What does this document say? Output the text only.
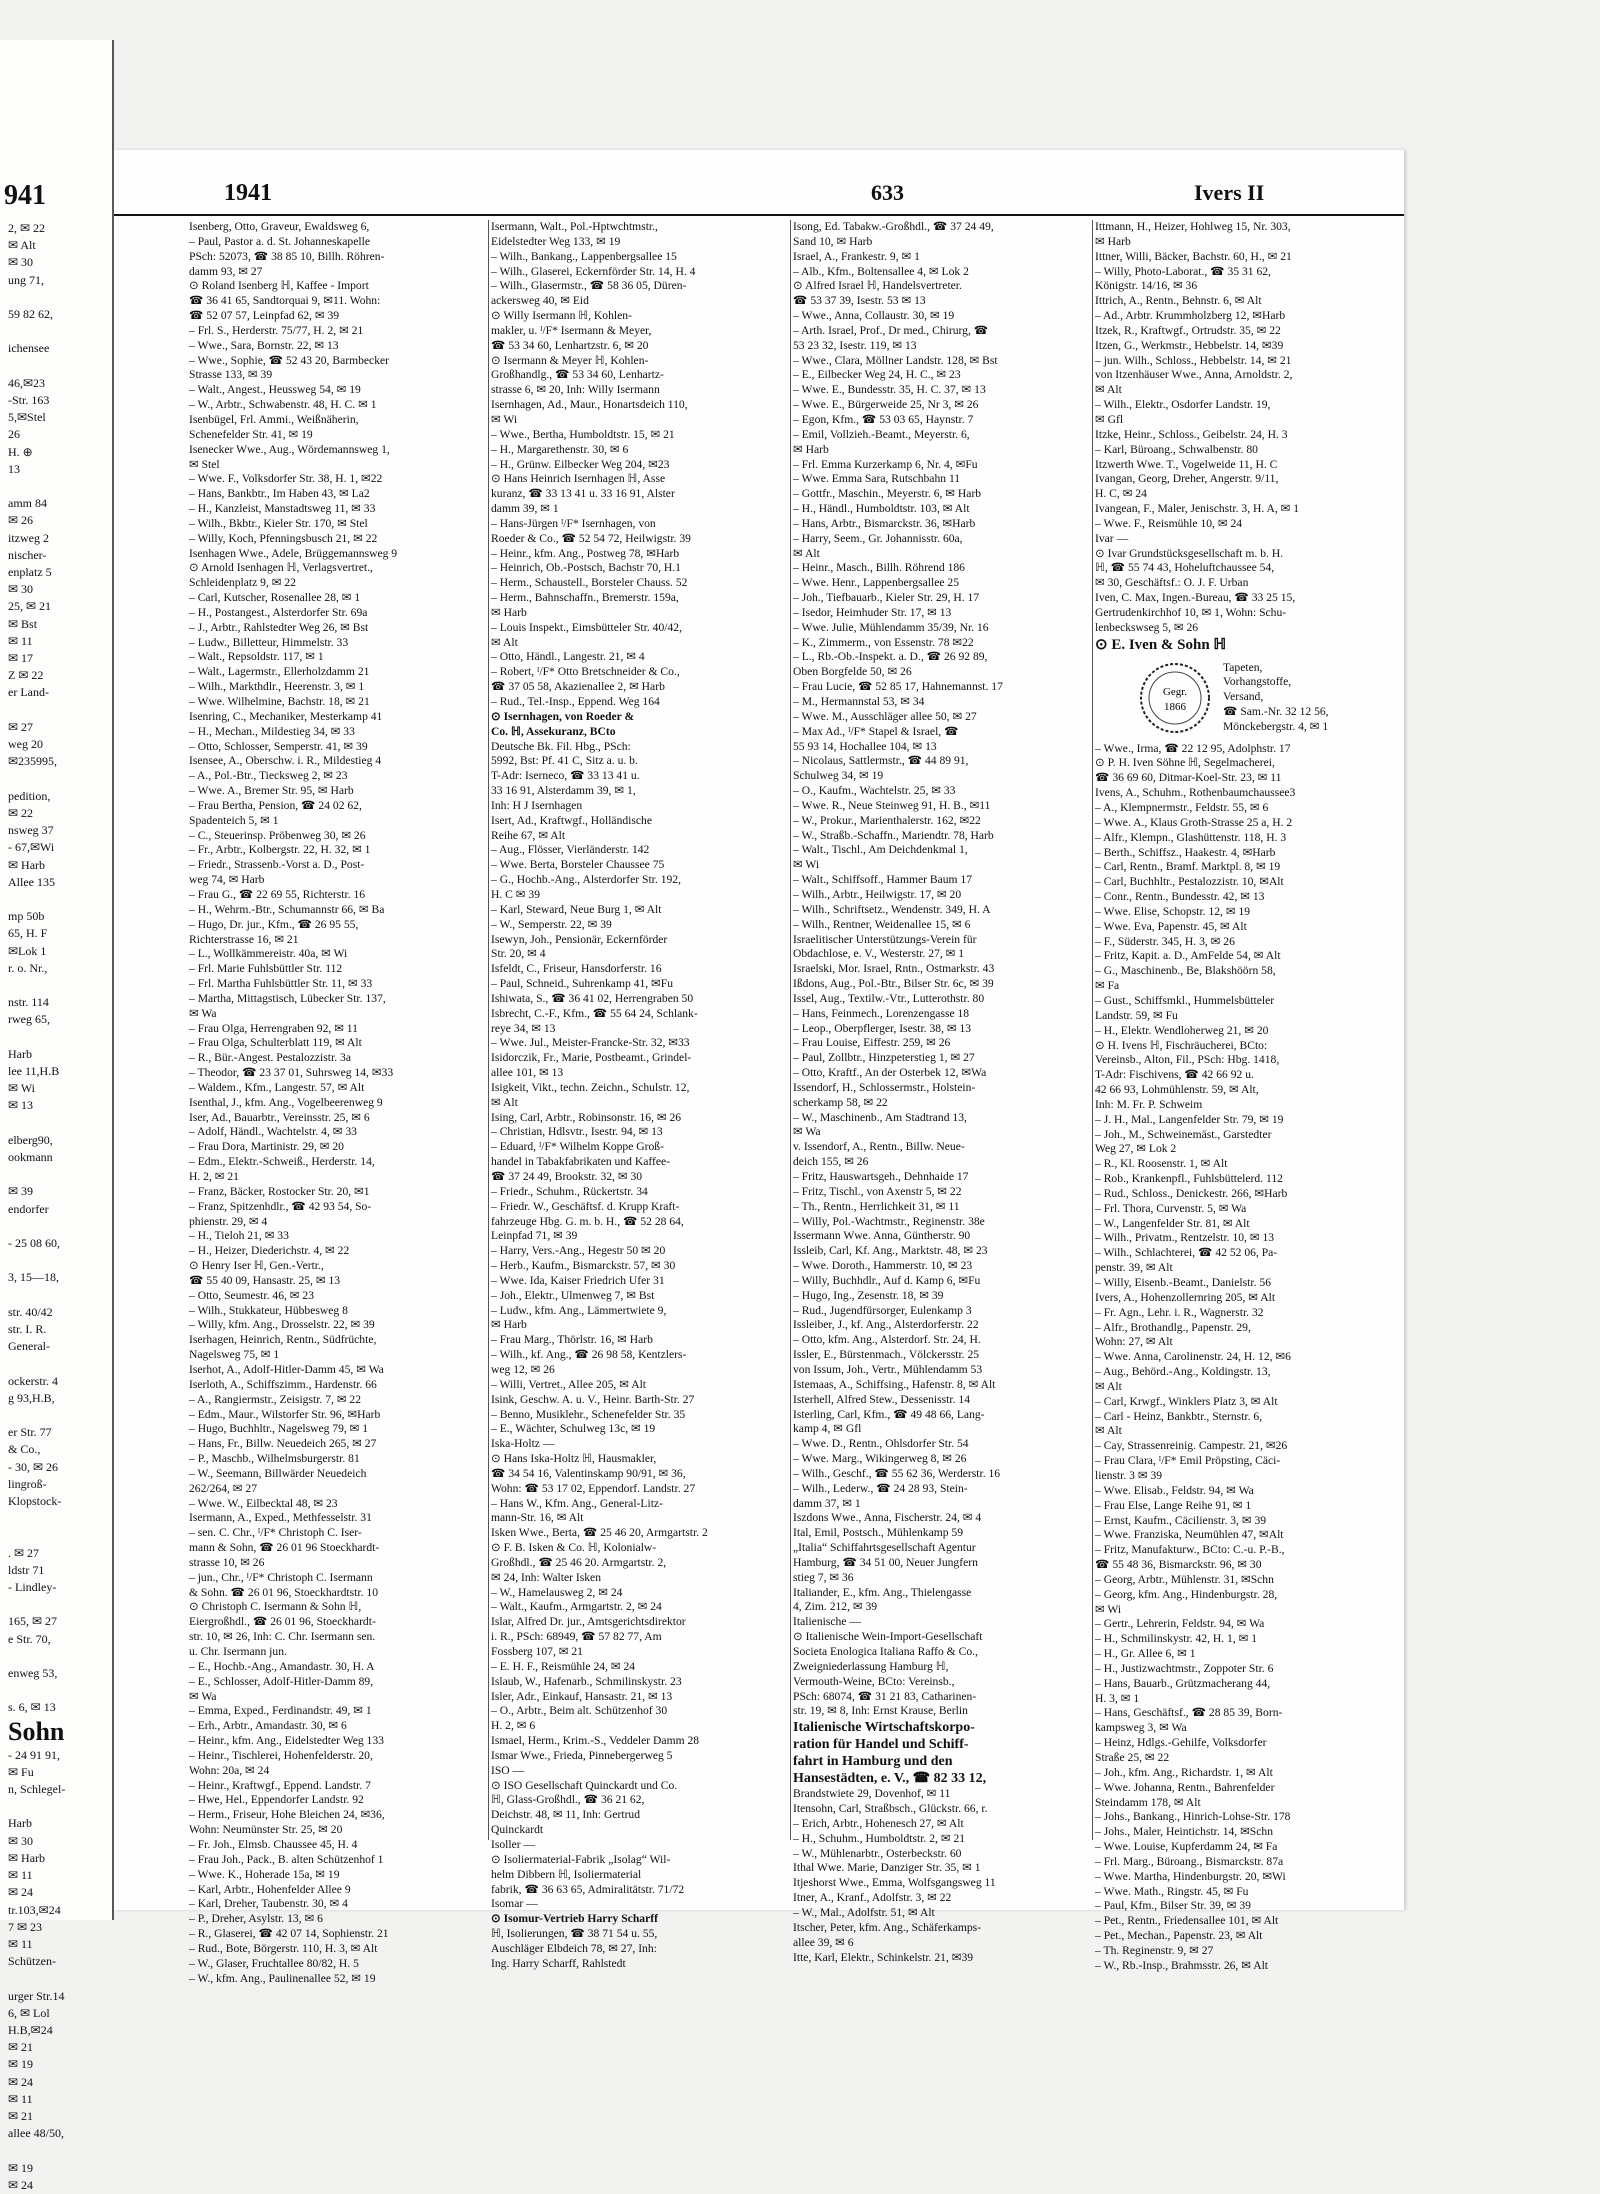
941
2, ✉ 22
✉ Alt
✉ 30
ung 71,

59 82 62,

ichensee

46,✉23
-Str. 163
5,✉Stel
26
H. ⊕
13

amm 84
✉ 26
itzweg 2
nischer-
enplatz 5
✉ 30
25, ✉ 21
✉ Bst
✉ 11
✉ 17
Z ✉ 22
er Land-

✉ 27
weg 20
✉235995,

pedition,
✉ 22
nsweg 37
- 67,✉Wi
✉ Harb
Allee 135

mp 50b
65, H. F
✉Lok 1
r. o. Nr.,

nstr. 114
rweg 65,

Harb
lee 11,H.B
✉ Wi
✉ 13

elberg90,
ookmann

✉ 39
endorfer

- 25 08 60,

3, 15—18,

str. 40/42
str. I. R.
General-

ockerstr. 4
g 93,H.B,

er Str. 77
& Co.,
- 30, ✉ 26
lingroß-
Klopstock-

. ✉ 27
ldstr 71
- Lindley-

165, ✉ 27
e Str. 70,

enweg 53,

s. 6, ✉ 13
Sohn
- 24 91 91,
✉ Fu
n, Schlegel-

Harb
✉ 30
✉ Harb
✉ 11
✉ 24
tr.103,✉24
7 ✉ 23
✉ 11
Schützen-

urger Str.14
6, ✉ Lol
H.B,✉24
✉ 21
✉ 19
✉ 24
✉ 11
✉ 21
allee 48/50,

✉ 19
✉ 24
1941	633	Ivers II
Isenberg, Otto, Graveur, Ewaldsweg 6,
– Paul, Pastor a. d. St. Johanneskapelle
PSch: 52073, ☎ 38 85 10, Billh. Röhren-
damm 93, ✉ 27
⊙ Roland Isenberg ℍ, Kaffee - Import
☎ 36 41 65, Sandtorquai 9, ✉11. Wohn:
☎ 52 07 57, Leinpfad 62, ✉ 39
– Frl. S., Herderstr. 75/77, H. 2, ✉ 21
– Wwe., Sara, Bornstr. 22, ✉ 13
– Wwe., Sophie, ☎ 52 43 20, Barmbecker
Strasse 133, ✉ 39
– Walt., Angest., Heussweg 54, ✉ 19
– W., Arbtr., Schwabenstr. 48, H. C. ✉ 1
Isenbügel, Frl. Ammi., Weißnäherin,
Schenefelder Str. 41, ✉ 19
Isenecker Wwe., Aug., Wördemannsweg 1,
✉ Stel
– Wwe. F., Volksdorfer Str. 38, H. 1, ✉22
– Hans, Bankbtr., Im Haben 43, ✉ La2
– H., Kanzleist, Manstadtsweg 11, ✉ 33
– Wilh., Bkbtr., Kieler Str. 170, ✉ Stel
– Willy, Koch, Pfenningsbusch 21, ✉ 22
Isenhagen Wwe., Adele, Brüggemannsweg 9
⊙ Arnold Isenhagen ℍ, Verlagsvertret.,
Schleidenplatz 9, ✉ 22
– Carl, Kutscher, Rosenallee 28, ✉ 1
– H., Postangest., Alsterdorfer Str. 69a
– J., Arbtr., Rahlstedter Weg 26, ✉ Bst
– Ludw., Billetteur, Himmelstr. 33
– Walt., Repsoldstr. 117, ✉ 1
– Walt., Lagermstr., Ellerholzdamm 21
– Wilh., Markthdlr., Heerenstr. 3, ✉ 1
– Wwe. Wilhelmine, Bachstr. 18, ✉ 21
Isenring, C., Mechaniker, Mesterkamp 41
– H., Mechan., Mildestieg 34, ✉ 33
– Otto, Schlosser, Semperstr. 41, ✉ 39
Isensee, A., Oberschw. i. R., Mildestieg 4
– A., Pol.-Btr., Tiecksweg 2, ✉ 23
– Wwe. A., Bremer Str. 95, ✉ Harb
– Frau Bertha, Pension, ☎ 24 02 62,
Spadenteich 5, ✉ 1
– C., Steuerinsp. Pröbenweg 30, ✉ 26
– Fr., Arbtr., Kolbergstr. 22, H. 32, ✉ 1
– Friedr., Strassenb.-Vorst a. D., Post-
weg 74, ✉ Harb
– Frau G., ☎ 22 69 55, Richterstr. 16
– H., Wehrm.-Btr., Schumannstr 66, ✉ Ba
– Hugo, Dr. jur., Kfm., ☎ 26 95 55,
Richterstrasse 16, ✉ 21
– L., Wollkämmereistr. 40a, ✉ Wi
– Frl. Marie Fuhlsbüttler Str. 112
– Frl. Martha Fuhlsbüttler Str. 11, ✉ 33
– Martha, Mittagstisch, Lübecker Str. 137,
✉ Wa
– Frau Olga, Herrengraben 92, ✉ 11
– Frau Olga, Schulterblatt 119, ✉ Alt
– R., Bür.-Angest. Pestalozzistr. 3a
– Theodor, ☎ 23 37 01, Suhrsweg 14, ✉33
– Waldem., Kfm., Langestr. 57, ✉ Alt
Isenthal, J., kfm. Ang., Vogelbeerenweg 9
Iser, Ad., Bauarbtr., Vereinsstr. 25, ✉ 6
– Adolf, Händl., Wachtelstr. 4, ✉ 33
– Frau Dora, Martinistr. 29, ✉ 20
– Edm., Elektr.-Schweiß., Herderstr. 14,
H. 2, ✉ 21
– Franz, Bäcker, Rostocker Str. 20, ✉1
– Franz, Spitzenhdlr., ☎ 42 93 54, So-
phienstr. 29, ✉ 4
– H., Tieloh 21, ✉ 33
– H., Heizer, Diederichstr. 4, ✉ 22
⊙ Henry Iser ℍ, Gen.-Vertr.,
☎ 55 40 09, Hansastr. 25, ✉ 13
– Otto, Seumestr. 46, ✉ 23
– Wilh., Stukkateur, Hübbesweg 8
– Willy, kfm. Ang., Drosselstr. 22, ✉ 39
Iserhagen, Heinrich, Rentn., Südfrüchte,
Nagelsweg 75, ✉ 1
Iserhot, A., Adolf-Hitler-Damm 45, ✉ Wa
Iserloth, A., Schiffszimm., Hardenstr. 66
– A., Rangiermstr., Zeisigstr. 7, ✉ 22
– Edm., Maur., Wilstorfer Str. 96, ✉Harb
– Hugo, Buchhltr., Nagelsweg 79, ✉ 1
– Hans, Fr., Billw. Neuedeich 265, ✉ 27
– P., Maschb., Wilhelmsburgerstr. 81
– W., Seemann, Billwärder Neuedeich
262/264, ✉ 27
– Wwe. W., Eilbecktal 48, ✉ 23
Isermann, A., Exped., Methfesselstr. 31
– sen. C. Chr., ᴵ/F* Christoph C. Iser-
mann & Sohn, ☎ 26 01 96 Stoeckhardt-
strasse 10, ✉ 26
– jun., Chr., ᴵ/F* Christoph C. Isermann
& Sohn. ☎ 26 01 96, Stoeckhardtstr. 10
⊙ Christoph C. Isermann & Sohn ℍ,
Eiergroßhdl., ☎ 26 01 96, Stoeckhardt-
str. 10, ✉ 26, Inh: C. Chr. Isermann sen.
u. Chr. Isermann jun.
– E., Hochb.-Ang., Amandastr. 30, H. A
– E., Schlosser, Adolf-Hitler-Damm 89,
✉ Wa
– Emma, Exped., Ferdinandstr. 49, ✉ 1
– Erh., Arbtr., Amandastr. 30, ✉ 6
– Heinr., kfm. Ang., Eidelstedter Weg 133
– Heinr., Tischlerei, Hohenfelderstr. 20,
Wohn: 20a, ✉ 24
– Heinr., Kraftwgf., Eppend. Landstr. 7
– Hwe, Hel., Eppendorfer Landstr. 92
– Herm., Friseur, Hohe Bleichen 24, ✉36,
Wohn: Neumünster Str. 25, ✉ 20
– Fr. Joh., Elmsb. Chaussee 45, H. 4
– Frau Joh., Pack., B. alten Schützenhof 1
– Wwe. K., Hoherade 15a, ✉ 19
– Karl, Arbtr., Hohenfelder Allee 9
– Karl, Dreher, Taubenstr. 30, ✉ 4
– P., Dreher, Asylstr. 13, ✉ 6
– R., Glaserei, ☎ 42 07 14, Sophienstr. 21
– Rud., Bote, Börgerstr. 110, H. 3, ✉ Alt
– W., Glaser, Fruchtallee 80/82, H. 5
– W., kfm. Ang., Paulinenallee 52, ✉ 19
Isermann, Walt., Pol.-Hptwchtmstr.,
Eidelstedter Weg 133, ✉ 19
– Wilh., Bankang., Lappenbergsallee 15
– Wilh., Glaserei, Eckernförder Str. 14, H. 4
– Wilh., Glasermstr., ☎ 58 36 05, Düren-
ackersweg 40, ✉ Eid
⊙ Willy Isermann ℍ, Kohlen-
makler, u. ᴵ/F* Isermann & Meyer,
☎ 53 34 60, Lenhartzstr. 6, ✉ 20
⊙ Isermann & Meyer ℍ, Kohlen-
Großhandlg., ☎ 53 34 60, Lenhartz-
strasse 6, ✉ 20, Inh: Willy Isermann
Isernhagen, Ad., Maur., Honartsdeich 110,
✉ Wi
– Wwe., Bertha, Humboldtstr. 15, ✉ 21
– H., Margarethenstr. 30, ✉ 6
– H., Grünw. Eilbecker Weg 204, ✉23
⊙ Hans Heinrich Isernhagen ℍ, Asse
kuranz, ☎ 33 13 41 u. 33 16 91, Alster
damm 39, ✉ 1
– Hans-Jürgen ᴵ/F* Isernhagen, von
Roeder & Co., ☎ 52 54 72, Heilwigstr. 39
– Heinr., kfm. Ang., Postweg 78, ✉Harb
– Heinrich, Ob.-Postsch, Bachstr 70, H.1
– Herm., Schaustell., Borsteler Chauss. 52
– Herm., Bahnschaffn., Bremerstr. 159a,
✉ Harb
– Louis Inspekt., Eimsbütteler Str. 40/42,
✉ Alt
– Otto, Händl., Langestr. 21, ✉ 4
– Robert, ᴵ/F* Otto Bretschneider & Co.,
☎ 37 05 58, Akazienallee 2, ✉ Harb
– Rud., Tel.-Insp., Eppend. Weg 164
⊙ Isernhagen, von Roeder &
Co. ℍ, Assekuranz, BCto
Deutsche Bk. Fil. Hbg., PSch:
5992, Bst: Pf. 41 C, Sitz a. u. b.
T-Adr: Iserneco, ☎ 33 13 41 u.
33 16 91, Alsterdamm 39, ✉ 1,
Inh: H J Isernhagen
Isert, Ad., Kraftwgf., Holländische
Reihe 67, ✉ Alt
– Aug., Flösser, Vierländerstr. 142
– Wwe. Berta, Borsteler Chaussee 75
– G., Hochb.-Ang., Alsterdorfer Str. 192,
H. C ✉ 39
– Karl, Steward, Neue Burg 1, ✉ Alt
– W., Semperstr. 22, ✉ 39
Isewyn, Joh., Pensionär, Eckernförder
Str. 20, ✉ 4
Isfeldt, C., Friseur, Hansdorferstr. 16
– Paul, Schneid., Suhrenkamp 41, ✉Fu
Ishiwata, S., ☎ 36 41 02, Herrengraben 50
Isbrecht, C.-F., Kfm., ☎ 55 64 24, Schlank-
reye 34, ✉ 13
– Wwe. Jul., Meister-Francke-Str. 32, ✉33
Isidorczik, Fr., Marie, Postbeamt., Grindel-
allee 101, ✉ 13
Isigkeit, Vikt., techn. Zeichn., Schulstr. 12,
✉ Alt
Ising, Carl, Arbtr., Robinsonstr. 16, ✉ 26
– Christian, Hdlsvtr., Isestr. 94, ✉ 13
– Eduard, ᴵ/F* Wilhelm Koppe Groß-
handel in Tabakfabrikaten und Kaffee-
☎ 37 24 49, Brookstr. 32, ✉ 30
– Friedr., Schuhm., Rückertstr. 34
– Friedr. W., Geschäftsf. d. Krupp Kraft-
fahrzeuge Hbg. G. m. b. H., ☎ 52 28 64,
Leinpfad 71, ✉ 39
– Harry, Vers.-Ang., Hegestr 50 ✉ 20
– Herb., Kaufm., Bismarckstr. 57, ✉ 30
– Wwe. Ida, Kaiser Friedrich Ufer 31
– Joh., Elektr., Ulmenweg 7, ✉ Bst
– Ludw., kfm. Ang., Lämmertwiete 9,
✉ Harb
– Frau Marg., Thörlstr. 16, ✉ Harb
– Wilh., kf. Ang., ☎ 26 98 58, Kentzlers-
weg 12, ✉ 26
– Willi, Vertret., Allee 205, ✉ Alt
Isink, Geschw. A. u. V., Heinr. Barth-Str. 27
– Benno, Musiklehr., Schenefelder Str. 35
– E., Wächter, Schulweg 13c, ✉ 19
Iska-Holtz —
⊙ Hans Iska-Holtz ℍ, Hausmakler,
☎ 34 54 16, Valentinskamp 90/91, ✉ 36,
Wohn: ☎ 53 17 02, Eppendorf. Landstr. 27
– Hans W., Kfm. Ang., General-Litz-
mann-Str. 16, ✉ Alt
Isken Wwe., Berta, ☎ 25 46 20, Armgartstr. 2
⊙ F. B. Isken & Co. ℍ, Kolonialw-
Großhdl., ☎ 25 46 20. Armgartstr. 2,
✉ 24, Inh: Walter Isken
– W., Hamelausweg 2, ✉ 24
– Walt., Kaufm., Armgartstr. 2, ✉ 24
Islar, Alfred Dr. jur., Amtsgerichtsdirektor
i. R., PSch: 68949, ☎ 57 82 77, Am
Fossberg 107, ✉ 21
– E. H. F., Reismühle 24, ✉ 24
Islaub, W., Hafenarb., Schmilinskystr. 23
Isler, Adr., Einkauf, Hansastr. 21, ✉ 13
– O., Arbtr., Beim alt. Schützenhof 30
H. 2, ✉ 6
Ismael, Herm., Krim.-S., Veddeler Damm 28
Ismar Wwe., Frieda, Pinnebergerweg 5
ISO —
⊙ ISO Gesellschaft Quinckardt und Co.
ℍ, Glass-Großhdl., ☎ 36 21 62,
Deichstr. 48, ✉ 11, Inh: Gertrud
Quinckardt
Isoller —
⊙ Isoliermaterial-Fabrik „Isolag“ Wil-
helm Dibbern ℍ, Isoliermaterial
fabrik, ☎ 36 63 65, Admiralitätstr. 71/72
Isomar —
⊙ Isomur-Vertrieb Harry Scharff
ℍ, Isolierungen, ☎ 38 71 54 u. 55,
Auschläger Elbdeich 78, ✉ 27, Inh:
Ing. Harry Scharff, Rahlstedt
Isong, Ed. Tabakw.-Großhdl., ☎ 37 24 49,
Sand 10, ✉ Harb
Israel, A., Frankestr. 9, ✉ 1
– Alb., Kfm., Boltensallee 4, ✉ Lok 2
⊙ Alfred Israel ℍ, Handelsvertreter.
☎ 53 37 39, Isestr. 53 ✉ 13
– Wwe., Anna, Collaustr. 30, ✉ 19
– Arth. Israel, Prof., Dr med., Chirurg, ☎
53 23 32, Isestr. 119, ✉ 13
– Wwe., Clara, Möllner Landstr. 128, ✉ Bst
– E., Eilbecker Weg 24, H. C., ✉ 23
– Wwe. E., Bundesstr. 35, H. C. 37, ✉ 13
– Wwe. E., Bürgerweide 25, Nr 3, ✉ 26
– Egon, Kfm., ☎ 53 03 65, Haynstr. 7
– Emil, Vollzieh.-Beamt., Meyerstr. 6,
✉ Harb
– Frl. Emma Kurzerkamp 6, Nr. 4, ✉Fu
– Wwe. Emma Sara, Rutschbahn 11
– Gottfr., Maschin., Meyerstr. 6, ✉ Harb
– H., Händl., Humboldtstr. 103, ✉ Alt
– Hans, Arbtr., Bismarckstr. 36, ✉Harb
– Harry, Seem., Gr. Johannisstr. 60a,
✉ Alt
– Heinr., Masch., Billh. Röhrend 186
– Wwe. Henr., Lappenbergsallee 25
– Joh., Tiefbauarb., Kieler Str. 29, H. 17
– Isedor, Heimhuder Str. 17, ✉ 13
– Wwe. Julie, Mühlendamm 35/39, Nr. 16
– K., Zimmerm., von Essenstr. 78 ✉22
– L., Rb.-Ob.-Inspekt. a. D., ☎ 26 92 89,
Oben Borgfelde 50, ✉ 26
– Frau Lucie, ☎ 52 85 17, Hahnemannst. 17
– M., Hermannstal 53, ✉ 34
– Wwe. M., Ausschläger allee 50, ✉ 27
– Max Ad., ᴵ/F* Stapel & Israel, ☎
55 93 14, Hochallee 104, ✉ 13
– Nicolaus, Sattlermstr., ☎ 44 89 91,
Schulweg 34, ✉ 19
– O., Kaufm., Wachtelstr. 25, ✉ 33
– Wwe. R., Neue Steinweg 91, H. B., ✉11
– W., Prokur., Marienthalerstr. 162, ✉22
– W., Straßb.-Schaffn., Mariendtr. 78, Harb
– Walt., Tischl., Am Deichdenkmal 1,
✉ Wi
– Walt., Schiffsoff., Hammer Baum 17
– Wilh., Arbtr., Heilwigstr. 17, ✉ 20
– Wilh., Schriftsetz., Wendenstr. 349, H. A
– Wilh., Rentner, Weidenallee 15, ✉ 6
Israelitischer Unterstützungs-Verein für
Obdachlose, e. V., Westerstr. 27, ✉ 1
Israelski, Mor. Israel, Rntn., Ostmarkstr. 43
Ißdons, Aug., Pol.-Btr., Bilser Str. 6c, ✉ 39
Issel, Aug., Textilw.-Vtr., Lutterothstr. 80
– Hans, Feinmech., Lorenzengasse 18
– Leop., Oberpflerger, Isestr. 38, ✉ 13
– Frau Louise, Eiffestr. 259, ✉ 26
– Paul, Zollbtr., Hinzpeterstieg 1, ✉ 27
– Otto, Kraftf., An der Osterbek 12, ✉Wa
Issendorf, H., Schlossermstr., Holstein-
scherkamp 58, ✉ 22
– W., Maschinenb., Am Stadtrand 13,
✉ Wa
v. Issendorf, A., Rentn., Billw. Neue-
deich 155, ✉ 26
– Fritz, Hauswartsgeh., Dehnhaide 17
– Fritz, Tischl., von Axenstr 5, ✉ 22
– Th., Rentn., Herrlichkeit 31, ✉ 11
– Willy, Pol.-Wachtmstr., Reginenstr. 38e
Issermann Wwe. Anna, Güntherstr. 90
Issleib, Carl, Kf. Ang., Marktstr. 48, ✉ 23
– Wwe. Doroth., Hammerstr. 10, ✉ 23
– Willy, Buchhdlr., Auf d. Kamp 6, ✉Fu
– Hugo, Ing., Zesenstr. 18, ✉ 39
– Rud., Jugendfürsorger, Eulenkamp 3
Issleiber, J., kf. Ang., Alsterdorferstr. 22
– Otto, kfm. Ang., Alsterdorf. Str. 24, H.
Issler, E., Bürstenmach., Völckersstr. 25
von Issum, Joh., Vertr., Mühlendamm 53
Istemaas, A., Schiffsing., Hafenstr. 8, ✉ Alt
Isterhell, Alfred Stew., Dessenisstr. 14
Isterling, Carl, Kfm., ☎ 49 48 66, Lang-
kamp 4, ✉ Gfl
– Wwe. D., Rentn., Ohlsdorfer Str. 54
– Wwe. Marg., Wikingerweg 8, ✉ 26
– Wilh., Geschf., ☎ 55 62 36, Werderstr. 16
– Wilh., Lederw., ☎ 24 28 93, Stein-
damm 37, ✉ 1
Iszdons Wwe., Anna, Fischerstr. 24, ✉ 4
Ital, Emil, Postsch., Mühlenkamp 59
„Italia“ Schiffahrtsgesellschaft Agentur
Hamburg, ☎ 34 51 00, Neuer Jungfern
stieg 7, ✉ 36
Italiander, E., kfm. Ang., Thielengasse
4, Zim. 212, ✉ 39
Italienische —
⊙ Italienische Wein-Import-Gesellschaft
Societa Enologica Italiana Raffo & Co.,
Zweigniederlassung Hamburg ℍ,
Vermouth-Weine, BCto: Vereinsb.,
PSch: 68074, ☎ 31 21 83, Catharinen-
str. 19, ✉ 8, Inh: Ernst Krause, Berlin
Italienische Wirtschaftskorpo-
ration für Handel und Schiff-
fahrt in Hamburg und den
Hansestädten, e. V., ☎ 82 33 12,
Brandstwiete 29, Dovenhof, ✉ 11
Itensohn, Carl, Straßbsch., Glückstr. 66, r.
– Erich, Arbtr., Hohenesch 27, ✉ Alt
– H., Schuhm., Humboldtstr. 2, ✉ 21
– W., Mühlenarbtr., Osterbeckstr. 60
Ithal Wwe. Marie, Danziger Str. 35, ✉ 1
Itjeshorst Wwe., Emma, Wolfsgangsweg 11
Itner, A., Kranf., Adolfstr. 3, ✉ 22
– W., Mal., Adolfstr. 51, ✉ Alt
Itscher, Peter, kfm. Ang., Schäferkamps-
allee 39, ✉ 6
Itte, Karl, Elektr., Schinkelstr. 21, ✉39
Ittmann, H., Heizer, Hohlweg 15, Nr. 303,
✉ Harb
Ittner, Willi, Bäcker, Bachstr. 60, H., ✉ 21
– Willy, Photo-Laborat., ☎ 35 31 62,
Königstr. 14/16, ✉ 36
Ittrich, A., Rentn., Behnstr. 6, ✉ Alt
– Ad., Arbtr. Krummholzberg 12, ✉Harb
Itzek, R., Kraftwgf., Ortrudstr. 35, ✉ 22
Itzen, G., Werkmstr., Hebbelstr. 14, ✉39
– jun. Wilh., Schloss., Hebbelstr. 14, ✉ 21
von Itzenhäuser Wwe., Anna, Arnoldstr. 2,
✉ Alt
– Wilh., Elektr., Osdorfer Landstr. 19,
✉ Gfl
Itzke, Heinr., Schloss., Geibelstr. 24, H. 3
– Karl, Büroang., Schwalbenstr. 80
Itzwerth Wwe. T., Vogelweide 11, H. C
Ivangan, Georg, Dreher, Angerstr. 9/11,
H. C, ✉ 24
Ivangean, F., Maler, Jenischstr. 3, H. A, ✉ 1
– Wwe. F., Reismühle 10, ✉ 24
Ivar —
⊙ Ivar Grundstücksgesellschaft m. b. H.
ℍ, ☎ 55 74 43, Hoheluftchaussee 54,
✉ 30, Geschäftsf.: O. J. F. Urban
Iven, C. Max, Ingen.-Bureau, ☎ 33 25 15,
Gertrudenkirchhof 10, ✉ 1, Wohn: Schu-
lenbeckswseg 5, ✉ 26
⊙ E. Iven & Sohn ℍ
Gegr.
1866
Tapeten,
Vorhangstoffe,
Versand,
☎ Sam.-Nr. 32 12 56,
Mönckebergstr. 4, ✉ 1
– Wwe., Irma, ☎ 22 12 95, Adolphstr. 17
⊙ P. H. Iven Söhne ℍ, Segelmacherei,
☎ 36 69 60, Ditmar-Koel-Str. 23, ✉ 11
Ivens, A., Schuhm., Rothenbaumchaussee3
– A., Klempnermstr., Feldstr. 55, ✉ 6
– Wwe. A., Klaus Groth-Strasse 25 a, H. 2
– Alfr., Klempn., Glashüttenstr. 118, H. 3
– Berth., Schiffsz., Haakestr. 4, ✉Harb
– Carl, Rentn., Bramf. Marktpl. 8, ✉ 19
– Carl, Buchhltr., Pestalozzistr. 10, ✉Alt
– Conr., Rentn., Bundesstr. 42, ✉ 13
– Wwe. Elise, Schopstr. 12, ✉ 19
– Wwe. Eva, Papenstr. 45, ✉ Alt
– F., Süderstr. 345, H. 3, ✉ 26
– Fritz, Kapit. a. D., AmFelde 54, ✉ Alt
– G., Maschinenb., Be, Blakshöörn 58,
✉ Fa
– Gust., Schiffsmkl., Hummelsbütteler
Landstr. 59, ✉ Fu
– H., Elektr. Wendloherweg 21, ✉ 20
⊙ H. Ivens ℍ, Fischräucherei, BCto:
Vereinsb., Alton, Fil., PSch: Hbg. 1418,
T-Adr: Fischivens, ☎ 42 66 92 u.
42 66 93, Lohmühlenstr. 59, ✉ Alt,
Inh: M. Fr. P. Schweim
– J. H., Mal., Langenfelder Str. 79, ✉ 19
– Joh., M., Schweinemäst., Garstedter
Weg 27, ✉ Lok 2
– R., Kl. Roosenstr. 1, ✉ Alt
– Rob., Krankenpfl., Fuhlsbüttelerd. 112
– Rud., Schloss., Denickestr. 266, ✉Harb
– Frl. Thora, Curvenstr. 5, ✉ Wa
– W., Langenfelder Str. 81, ✉ Alt
– Wilh., Privatm., Rentzelstr. 10, ✉ 13
– Wilh., Schlachterei, ☎ 42 52 06, Pa-
penstr. 39, ✉ Alt
– Willy, Eisenb.-Beamt., Danielstr. 56
Ivers, A., Hohenzollernring 205, ✉ Alt
– Fr. Agn., Lehr. i. R., Wagnerstr. 32
– Alfr., Brothandlg., Papenstr. 29,
Wohn: 27, ✉ Alt
– Wwe. Anna, Carolinenstr. 24, H. 12, ✉6
– Aug., Behörd.-Ang., Koldingstr. 13,
✉ Alt
– Carl, Krwgf., Winklers Platz 3, ✉ Alt
– Carl - Heinz, Bankbtr., Sternstr. 6,
✉ Alt
– Cay, Strassenreinig. Campestr. 21, ✉26
– Frau Clara, ᴵ/F* Emil Pröpsting, Cäci-
lienstr. 3 ✉ 39
– Wwe. Elisab., Feldstr. 94, ✉ Wa
– Frau Else, Lange Reihe 91, ✉ 1
– Ernst, Kaufm., Cäcilienstr. 3, ✉ 39
– Wwe. Franziska, Neumühlen 47, ✉Alt
– Fritz, Manufakturw., BCto: C.-u. P.-B.,
☎ 55 48 36, Bismarckstr. 96, ✉ 30
– Georg, Arbtr., Mühlenstr. 31, ✉Schn
– Georg, kfm. Ang., Hindenburgstr. 28,
✉ Wi
– Gertr., Lehrerin, Feldstr. 94, ✉ Wa
– H., Schmilinskystr. 42, H. 1, ✉ 1
– H., Gr. Allee 6, ✉ 1
– H., Justizwachtmstr., Zoppoter Str. 6
– Hans, Bauarb., Grützmacherang 44,
H. 3, ✉ 1
– Hans, Geschäftsf., ☎ 28 85 39, Born-
kampsweg 3, ✉ Wa
– Heinz, Hdlgs.-Gehilfe, Volksdorfer
Straße 25, ✉ 22
– Joh., kfm. Ang., Richardstr. 1, ✉ Alt
– Wwe. Johanna, Rentn., Bahrenfelder
Steindamm 178, ✉ Alt
– Johs., Bankang., Hinrich-Lohse-Str. 178
– Johs., Maler, Heintichstr. 14, ✉Schn
– Wwe. Louise, Kupferdamm 24, ✉ Fa
– Frl. Marg., Büroang., Bismarckstr. 87a
– Wwe. Martha, Hindenburgstr. 20, ✉Wi
– Wwe. Math., Ringstr. 45, ✉ Fu
– Paul, Kfm., Bilser Str. 39, ✉ 39
– Pet., Rentn., Friedensallee 101, ✉ Alt
– Pet., Mechan., Papenstr. 23, ✉ Alt
– Th. Reginenstr. 9, ✉ 27
– W., Rb.-Insp., Brahmsstr. 26, ✉ Alt
